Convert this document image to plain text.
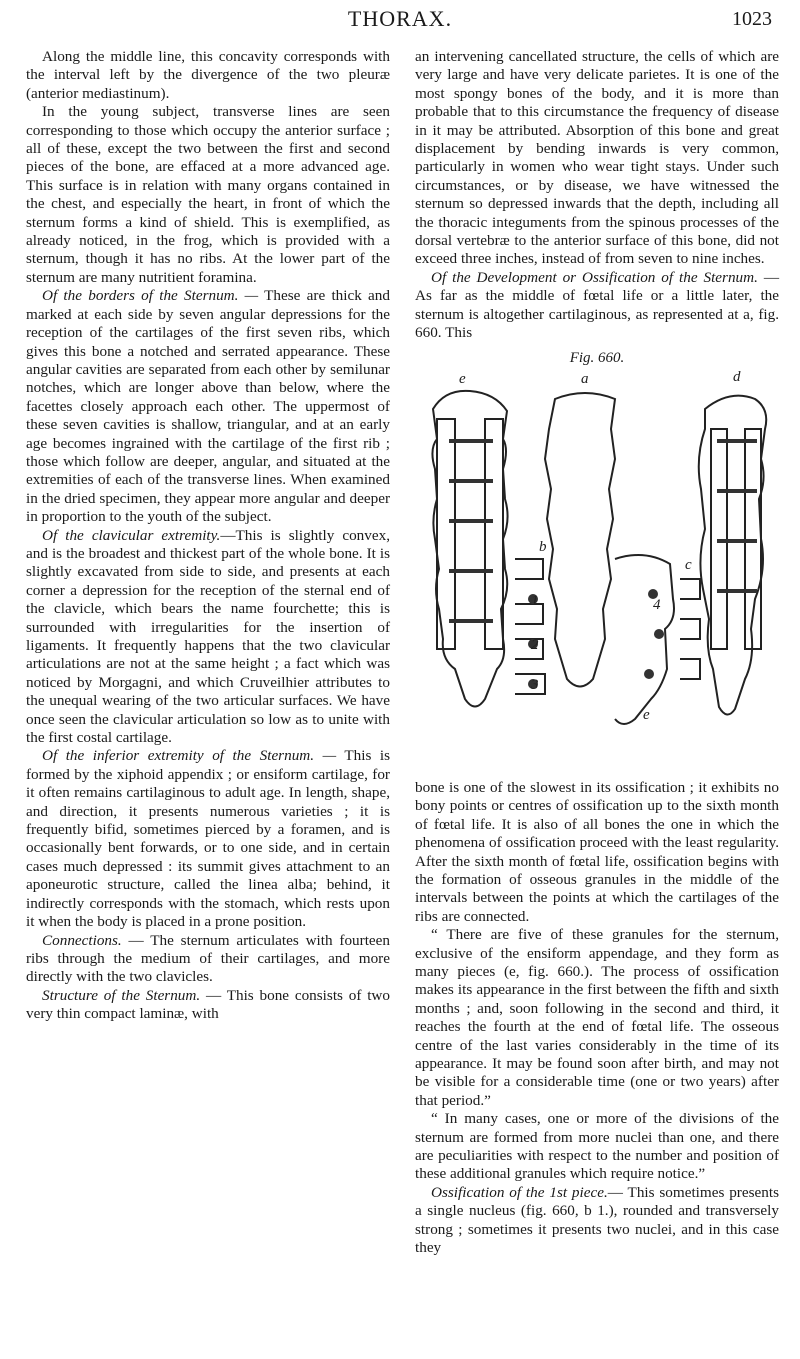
THORAX.	1023

Along the middle line, this concavity corresponds with the interval left by the divergence of the two pleuræ (anterior mediastinum).

In the young subject, transverse lines are seen corresponding to those which occupy the anterior surface ; all of these, except the two between the first and second pieces of the bone, are effaced at a more advanced age. This surface is in relation with many organs contained in the chest, and especially the heart, in front of which the sternum forms a kind of shield. This is exemplified, as already noticed, in the frog, which is provided with a sternum, though it has no ribs. At the lower part of the sternum are many nutritient foramina.

Of the borders of the Sternum. — These are thick and marked at each side by seven angular depressions for the reception of the cartilages of the first seven ribs, which gives this bone a notched and serrated appearance. These angular cavities are separated from each other by semilunar notches, which are longer above than below, where the facettes closely approach each other. The uppermost of these seven cavities is shallow, triangular, and at an early age becomes ingrained with the cartilage of the first rib ; those which follow are deeper, angular, and situated at the extremities of each of the transverse lines. When examined in the dried specimen, they appear more angular and deeper in proportion to the youth of the subject.

Of the clavicular extremity.—This is slightly convex, and is the broadest and thickest part of the whole bone. It is slightly excavated from side to side, and presents at each corner a depression for the reception of the sternal end of the clavicle, which bears the name fourchette; this is surrounded with irregularities for the insertion of ligaments. It frequently happens that the two clavicular articulations are not at the same height ; a fact which was noticed by Morgagni, and which Cruveilhier attributes to the unequal wearing of the two articular surfaces. We have once seen the clavicular articulation so low as to unite with the first costal cartilage.

Of the inferior extremity of the Sternum. — This is formed by the xiphoid appendix ; or ensiform cartilage, for it often remains cartilaginous to adult age. In length, shape, and direction, it presents numerous varieties ; it is frequently bifid, sometimes pierced by a foramen, and is occasionally bent forwards, or to one side, and in certain cases much depressed : its summit gives attachment to an aponeurotic structure, called the linea alba; behind, it indirectly corresponds with the stomach, which rests upon it when the body is placed in a prone position.

Connections. — The sternum articulates with fourteen ribs through the medium of their cartilages, and more directly with the two clavicles.

Structure of the Sternum. — This bone consists of two very thin compact laminæ, with

an intervening cancellated structure, the cells of which are very large and have very delicate parietes. It is one of the most spongy bones of the body, and it is more than probable that to this circumstance the frequency of disease in it may be attributed. Absorption of this bone and great displacement by bending inwards is very common, particularly in women who wear tight stays. Under such circumstances, or by disease, we have witnessed the sternum so depressed inwards that the depth, including all the thoracic integuments from the spinous processes of the dorsal vertebræ to the anterior surface of this bone, did not exceed three inches, instead of from seven to nine inches.

Of the Development or Ossification of the Sternum. — As far as the middle of fœtal life or a little later, the sternum is altogether cartilaginous, as represented at a, fig. 660. This

Fig. 660.
e	a	d
b
c
1
2
3
4
e

bone is one of the slowest in its ossification ; it exhibits no bony points or centres of ossification up to the sixth month of fœtal life. It is also of all bones the one in which the phenomena of ossification proceed with the least regularity. After the sixth month of fœtal life, ossification begins with the formation of osseous granules in the middle of the intervals between the points at which the cartilages of the ribs are connected.

“ There are five of these granules for the sternum, exclusive of the ensiform appendage, and they form as many pieces (e, fig. 660.). The process of ossification makes its appearance in the first between the fifth and sixth months ; and, soon following in the second and third, it reaches the fourth at the end of fœtal life. The osseous centre of the last varies considerably in the time of its appearance. It may be found soon after birth, and may not be visible for a considerable time (one or two years) after that period.”

“ In many cases, one or more of the divisions of the sternum are formed from more nuclei than one, and there are peculiarities with respect to the number and position of these additional granules which require notice.”

Ossification of the 1st piece.— This sometimes presents a single nucleus (fig. 660, b 1.), rounded and transversely strong ; sometimes it presents two nuclei, and in this case they
